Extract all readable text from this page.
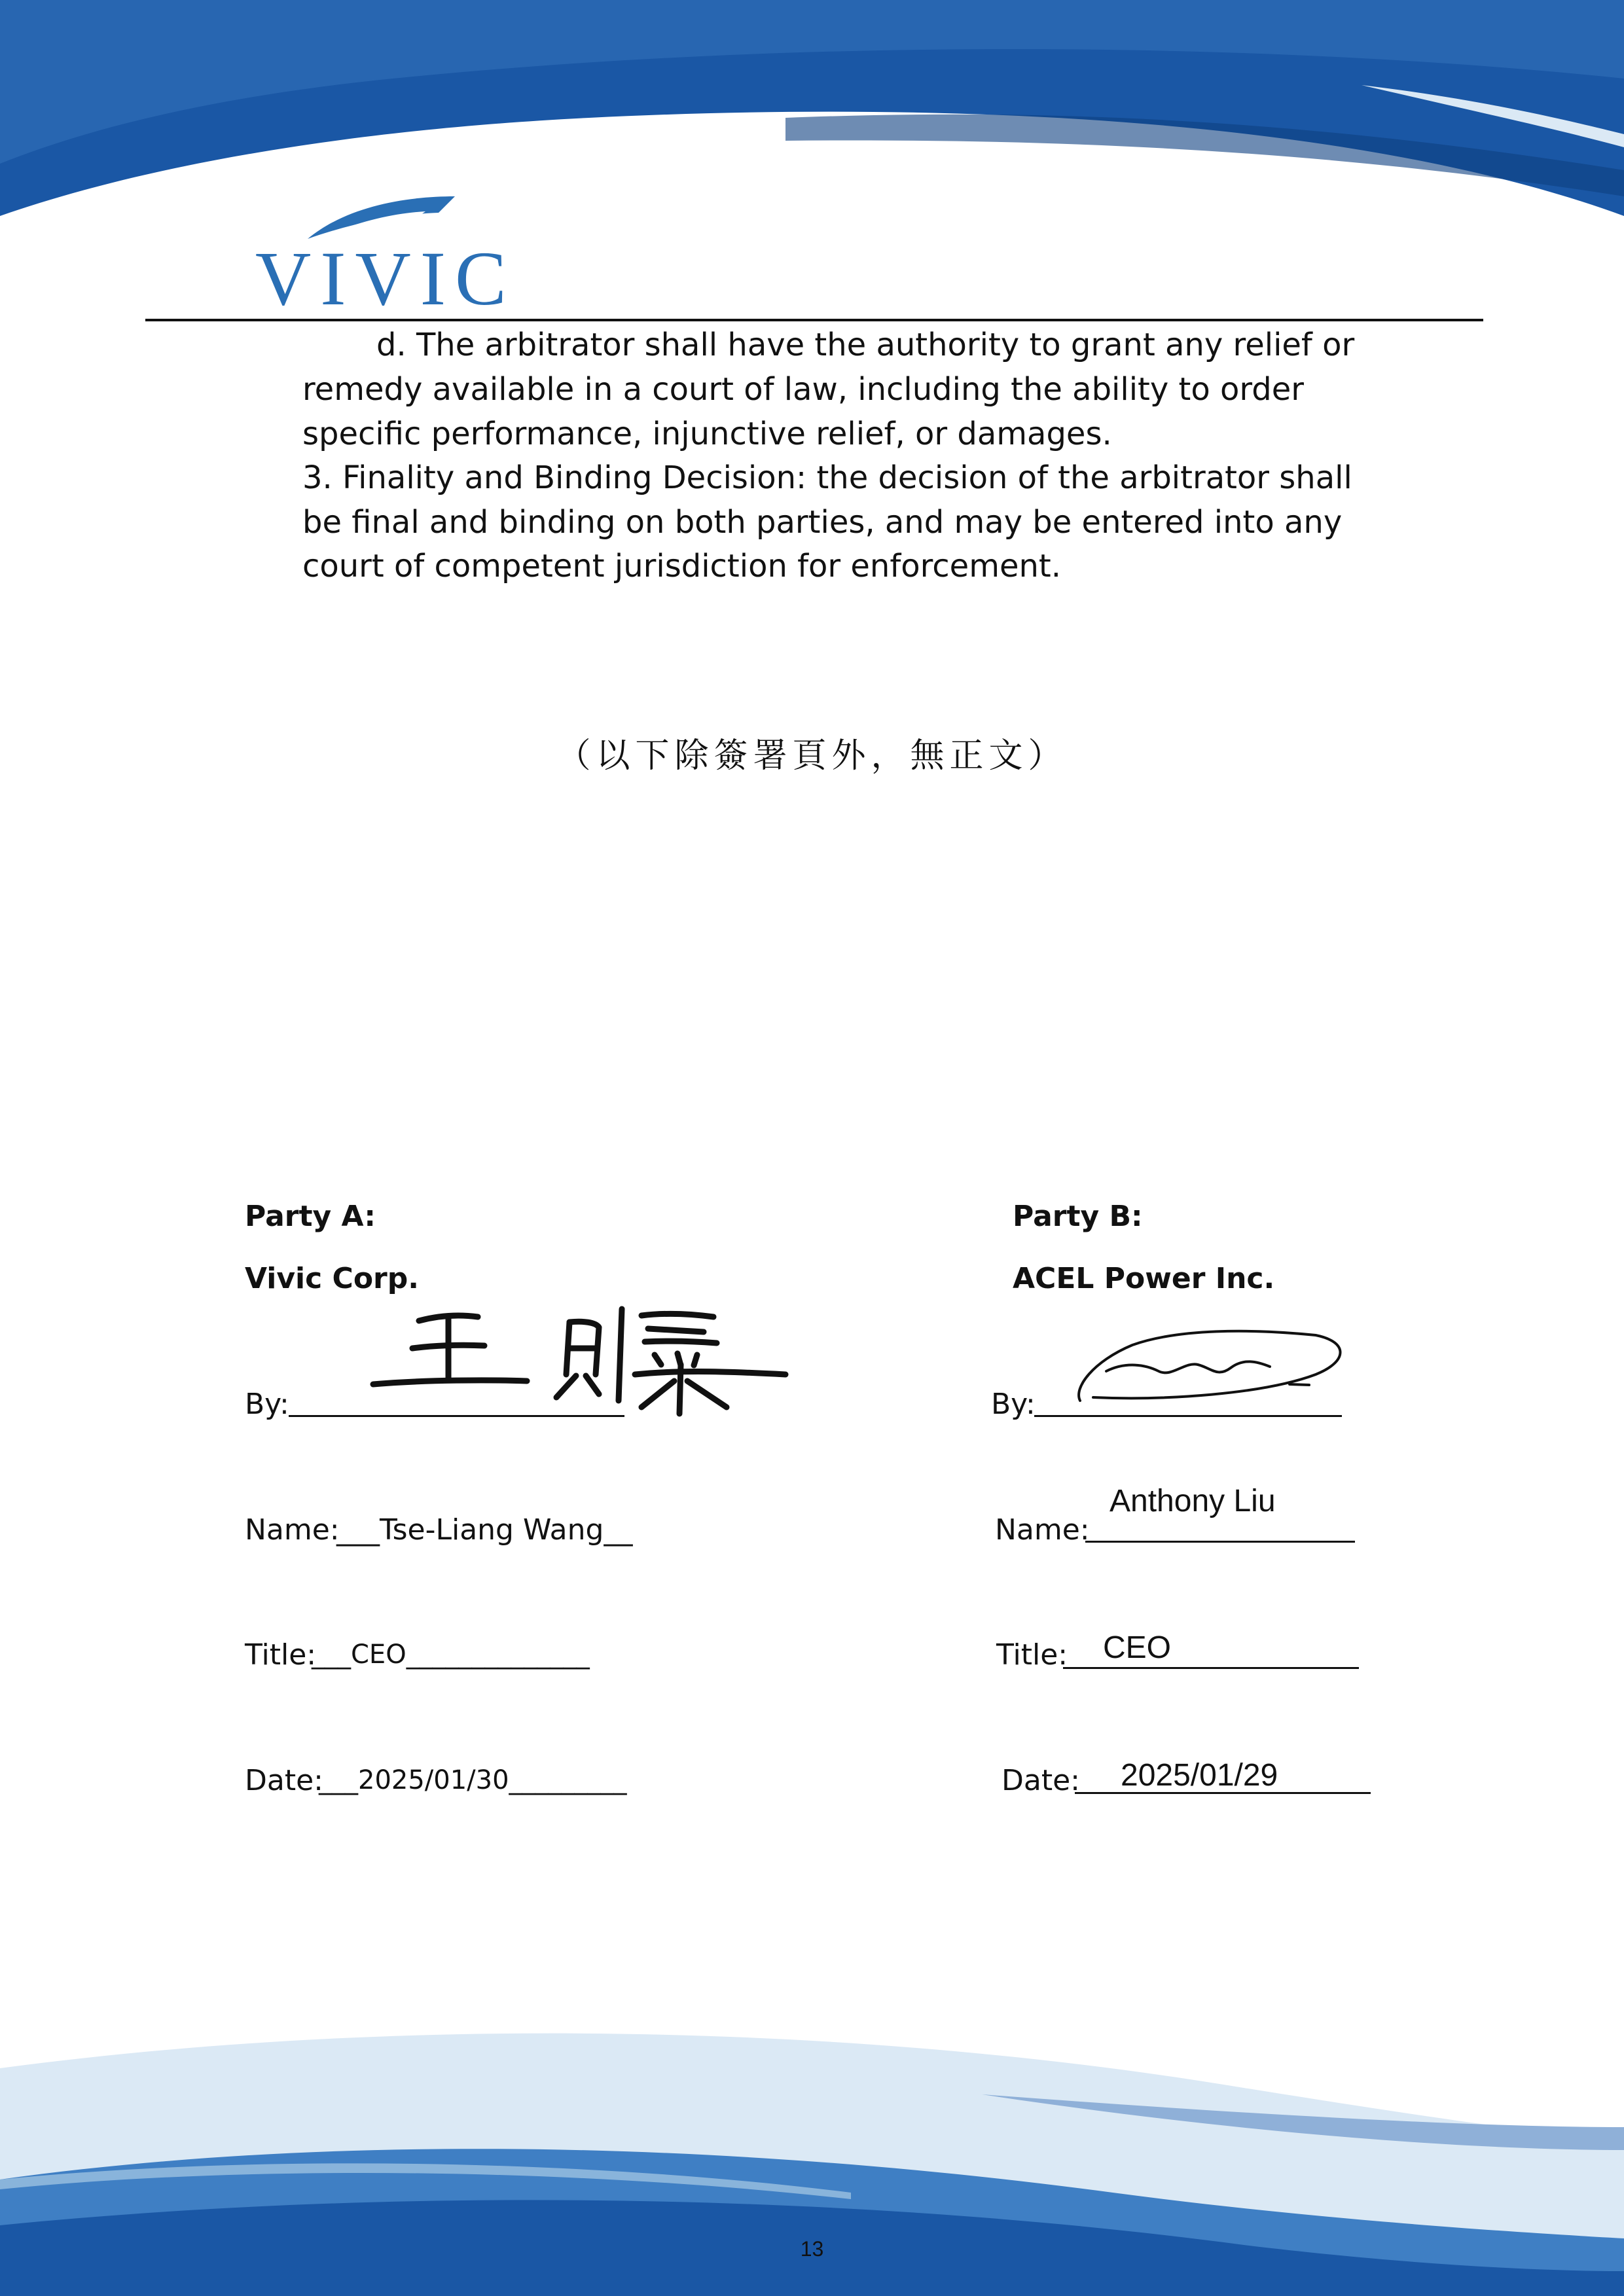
VIVIC
d. The arbitrator shall have the authority to grant any relief or
remedy available in a court of law, including the ability to order
specific performance, injunctive relief, or damages.
3. Finality and Binding Decision: the decision of the arbitrator shall
be final and binding on both parties, and may be entered into any
court of competent jurisdiction for enforcement.
（以下除簽署頁外，無正文）
Party A:
Vivic Corp.
By:
Name:
___Tse-Liang Wang__
Title:
___CEO______________
Date:
___2025/01/30_________
Party B:
ACEL Power Inc.
By:
Name:
Anthony Liu
Title: CEO
Date: 2025/01/29
13
